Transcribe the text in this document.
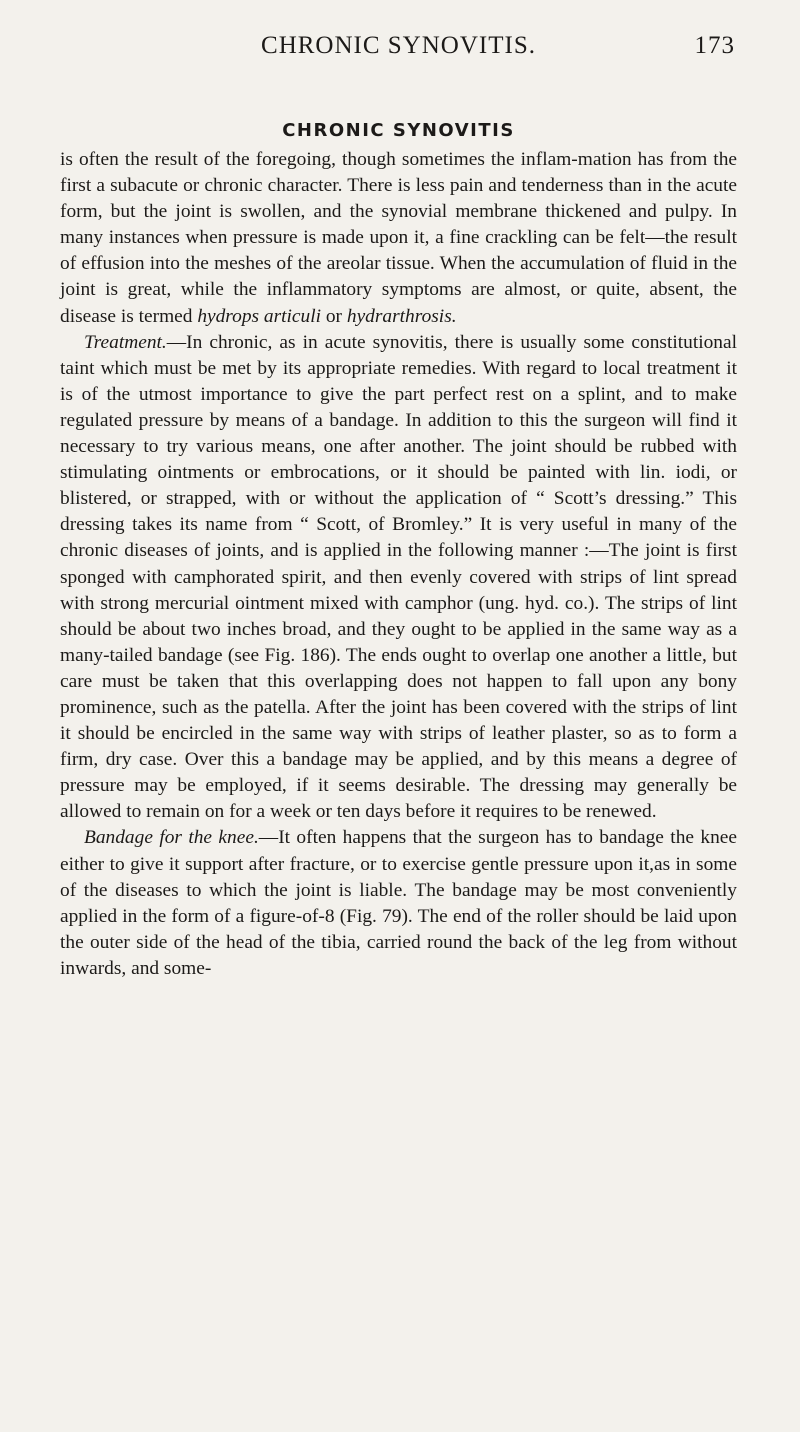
CHRONIC SYNOVITIS.	173
CHRONIC SYNOVITIS

is often the result of the foregoing, though sometimes the inflam-mation has from the first a subacute or chronic character. There is less pain and tenderness than in the acute form, but the joint is swollen, and the synovial membrane thickened and pulpy. In many instances when pressure is made upon it, a fine crackling can be felt—the result of effusion into the meshes of the areolar tissue. When the accumulation of fluid in the joint is great, while the inflammatory symptoms are almost, or quite, absent, the disease is termed hydrops articuli or hydrarthrosis.

Treatment.—In chronic, as in acute synovitis, there is usually some constitutional taint which must be met by its appropriate remedies. With regard to local treatment it is of the utmost importance to give the part perfect rest on a splint, and to make regulated pressure by means of a bandage. In addition to this the surgeon will find it necessary to try various means, one after another. The joint should be rubbed with stimulating ointments or embrocations, or it should be painted with lin. iodi, or blistered, or strapped, with or without the application of “ Scott’s dressing.” This dressing takes its name from “ Scott, of Bromley.” It is very useful in many of the chronic diseases of joints, and is applied in the following manner :—The joint is first sponged with camphorated spirit, and then evenly covered with strips of lint spread with strong mercurial ointment mixed with camphor (ung. hyd. co.). The strips of lint should be about two inches broad, and they ought to be applied in the same way as a many-tailed bandage (see Fig. 186). The ends ought to overlap one another a little, but care must be taken that this overlapping does not happen to fall upon any bony prominence, such as the patella. After the joint has been covered with the strips of lint it should be encircled in the same way with strips of leather plaster, so as to form a firm, dry case. Over this a bandage may be applied, and by this means a degree of pressure may be employed, if it seems desirable. The dressing may generally be allowed to remain on for a week or ten days before it requires to be renewed.

Bandage for the knee.—It often happens that the surgeon has to bandage the knee either to give it support after fracture, or to exercise gentle pressure upon it,as in some of the diseases to which the joint is liable. The bandage may be most conveniently applied in the form of a figure-of-8 (Fig. 79). The end of the roller should be laid upon the outer side of the head of the tibia, carried round the back of the leg from without inwards, and some-
